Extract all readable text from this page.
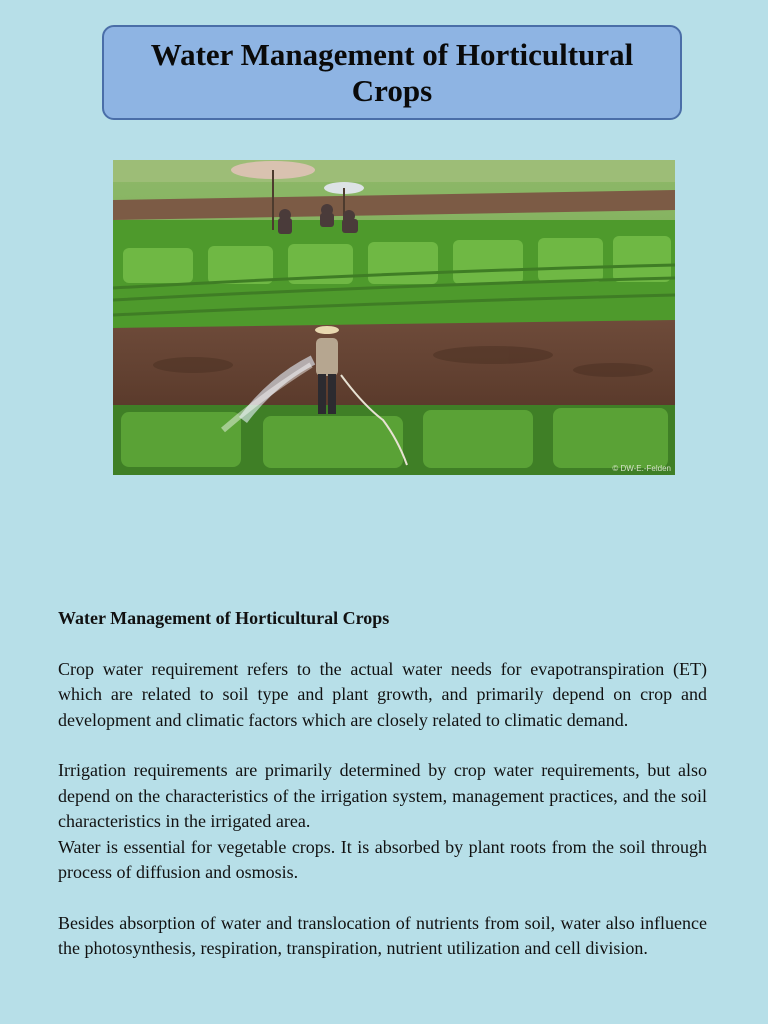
Water Management of Horticultural Crops
© DW-E.-Felden
Water Management of Horticultural Crops

Crop water requirement refers to the actual water needs for evapotranspiration (ET) which are related to soil type and plant growth, and primarily depend on crop and development and climatic factors which are closely related to climatic demand.

Irrigation requirements are primarily determined by crop water requirements, but also depend on the characteristics of the irrigation system, management practices, and the soil characteristics in the irrigated area.

Water is essential for vegetable crops. It is absorbed by plant roots from the soil through process of diffusion and osmosis.

Besides absorption of water and translocation of nutrients from soil, water also influence the photosynthesis, respiration, transpiration, nutrient utilization and cell division.
